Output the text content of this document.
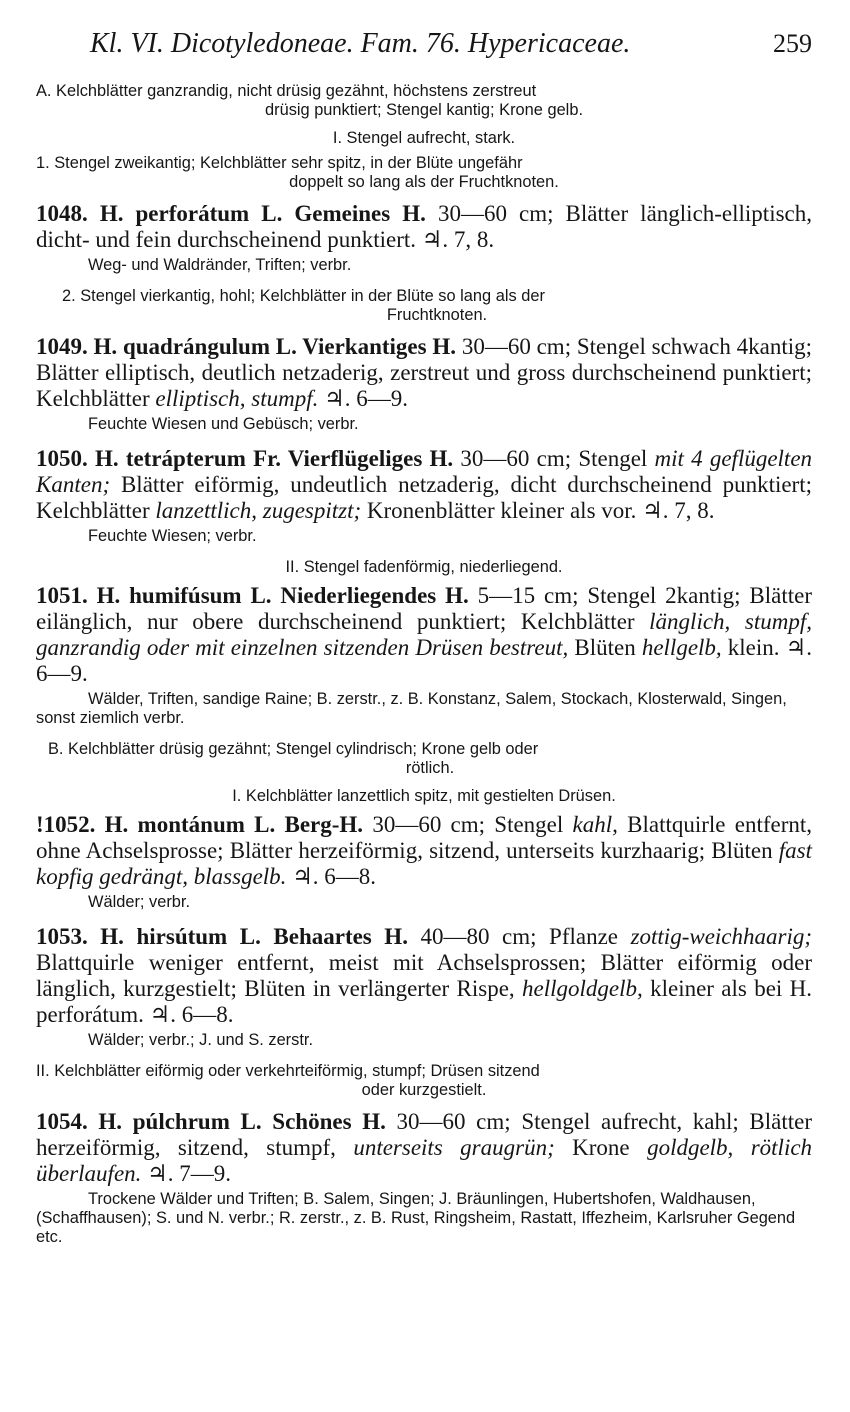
Kl. VI. Dicotyledoneae. Fam. 76. Hypericaceae.	259

A. Kelchblätter ganzrandig, nicht drüsig gezähnt, höchstens zerstreut
drüsig punktiert; Stengel kantig; Krone gelb.

I. Stengel aufrecht, stark.

1. Stengel zweikantig; Kelchblätter sehr spitz, in der Blüte ungefähr
doppelt so lang als der Fruchtknoten.

1048. H. perforátum L. Gemeines H. 30—60 cm; Blätter länglich-elliptisch, dicht- und fein durchscheinend punktiert. ♃. 7, 8.

Weg- und Waldränder, Triften; verbr.

2. Stengel vierkantig, hohl; Kelchblätter in der Blüte so lang als der
Fruchtknoten.

1049. H. quadrángulum L. Vierkantiges H. 30—60 cm; Stengel schwach 4kantig; Blätter elliptisch, deutlich netzaderig, zerstreut und gross durchscheinend punktiert; Kelchblätter elliptisch, stumpf. ♃. 6—9.

Feuchte Wiesen und Gebüsch; verbr.

1050. H. tetrápterum Fr. Vierflügeliges H. 30—60 cm; Stengel mit 4 geflügelten Kanten; Blätter eiförmig, undeutlich netzaderig, dicht durchscheinend punktiert; Kelchblätter lanzettlich, zugespitzt; Kronenblätter kleiner als vor. ♃. 7, 8.

Feuchte Wiesen; verbr.

II. Stengel fadenförmig, niederliegend.

1051. H. humifúsum L. Niederliegendes H. 5—15 cm; Stengel 2kantig; Blätter eilänglich, nur obere durchscheinend punktiert; Kelchblätter länglich, stumpf, ganzrandig oder mit einzelnen sitzenden Drüsen bestreut, Blüten hellgelb, klein. ♃. 6—9.

Wälder, Triften, sandige Raine; B. zerstr., z. B. Konstanz, Salem, Stockach, Klosterwald, Singen, sonst ziemlich verbr.

B. Kelchblätter drüsig gezähnt; Stengel cylindrisch; Krone gelb oder
rötlich.

I. Kelchblätter lanzettlich spitz, mit gestielten Drüsen.

!1052. H. montánum L. Berg-H. 30—60 cm; Stengel kahl, Blattquirle entfernt, ohne Achselsprosse; Blätter herzeiförmig, sitzend, unterseits kurzhaarig; Blüten fast kopfig gedrängt, blassgelb. ♃. 6—8.

Wälder; verbr.

1053. H. hirsútum L. Behaartes H. 40—80 cm; Pflanze zottig-weichhaarig; Blattquirle weniger entfernt, meist mit Achselsprossen; Blätter eiförmig oder länglich, kurzgestielt; Blüten in verlängerter Rispe, hellgoldgelb, kleiner als bei H. perforátum. ♃. 6—8.

Wälder; verbr.; J. und S. zerstr.

II. Kelchblätter eiförmig oder verkehrteiförmig, stumpf; Drüsen sitzend
oder kurzgestielt.

1054. H. púlchrum L. Schönes H. 30—60 cm; Stengel aufrecht, kahl; Blätter herzeiförmig, sitzend, stumpf, unterseits graugrün; Krone goldgelb, rötlich überlaufen. ♃. 7—9.

Trockene Wälder und Triften; B. Salem, Singen; J. Bräunlingen, Hubertshofen, Waldhausen, (Schaffhausen); S. und N. verbr.; R. zerstr., z. B. Rust, Ringsheim, Rastatt, Iffezheim, Karlsruher Gegend etc.
